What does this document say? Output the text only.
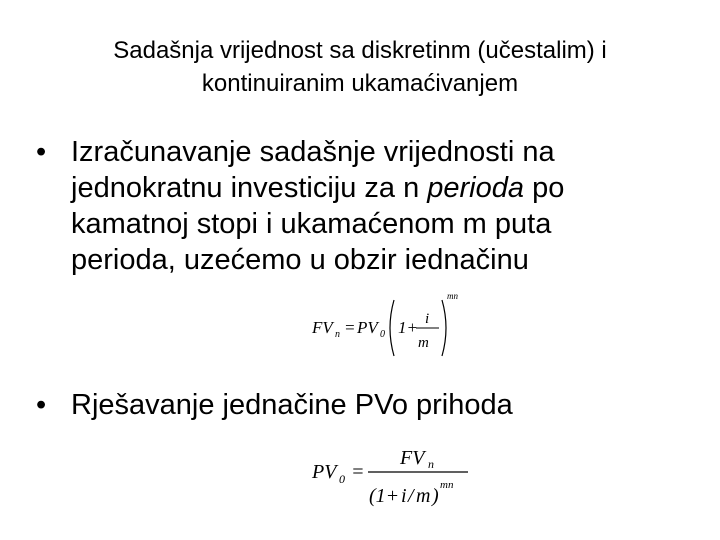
Sadašnja vrijednost sa diskretinm (učestalim) i
kontinuiranim ukamaćivanjem
• Izračunavanje sadašnje vrijednosti na jednokratnu investiciju za n perioda po kamatnoj stopi i ukamaćenom m puta perioda, uzećemo u obzir iednačinu
FV n = PV 0 1+ i
m
mn
• Rješavanje jednačine PVo prihoda
PV 0 =
FV n
(1+ i / m ) mn
